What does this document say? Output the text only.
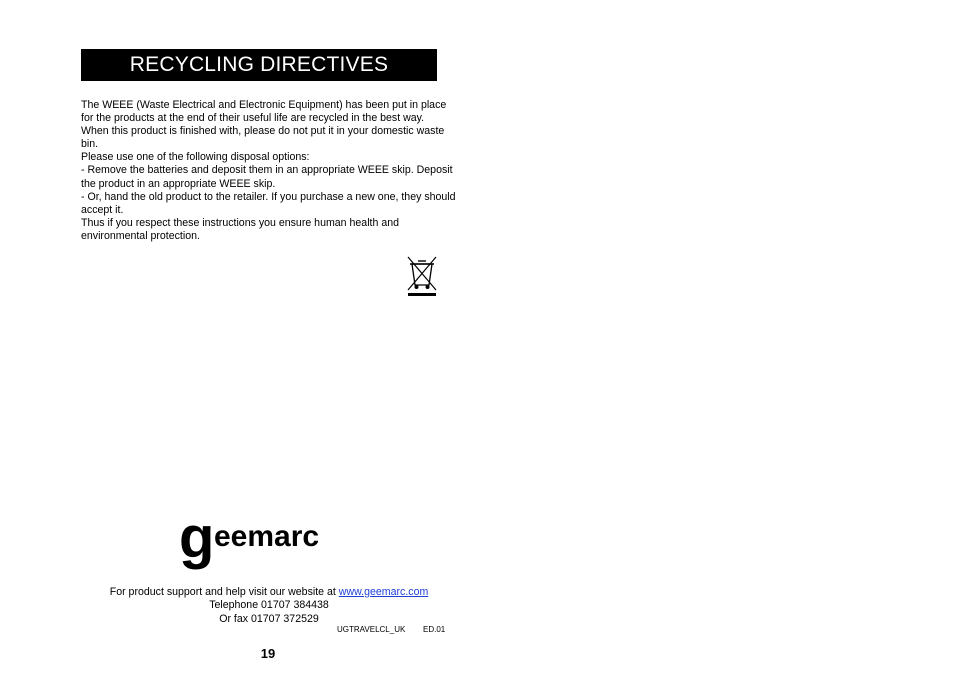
RECYCLING DIRECTIVES

The WEEE (Waste Electrical and Electronic Equipment) has been put in place for the products at the end of their useful life are recycled in the best way.

When this product is finished with, please do not put it in your domestic waste bin.

Please use one of the following disposal options:

- Remove the batteries and deposit them in an appropriate WEEE skip. Deposit the product in an appropriate WEEE skip.

- Or, hand the old product to the retailer. If you purchase a new one, they should accept it.

Thus if you respect these instructions you ensure human health and environmental protection.

g eemarc

For product support and help visit our website at www.geemarc.com

Telephone 01707 384438

Or fax 01707 372529

UGTRAVELCL_UK ED.01
19
